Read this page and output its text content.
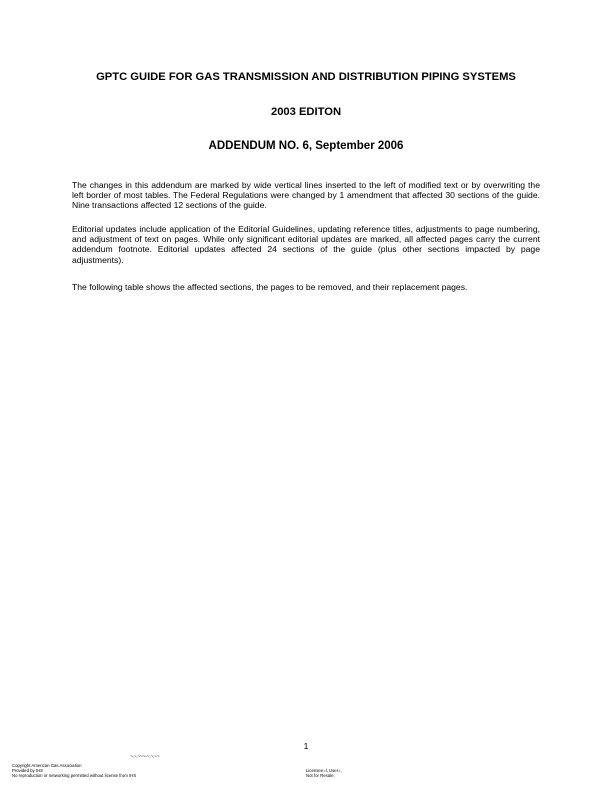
GPTC GUIDE FOR GAS TRANSMISSION AND DISTRIBUTION PIPING SYSTEMS
2003 EDITON
ADDENDUM NO. 6, September 2006

The changes in this addendum are marked by wide vertical lines inserted to the left of modified text or by overwriting the left border of most tables. The Federal Regulations were changed by 1 amendment that affected 30 sections of the guide. Nine transactions affected 12 sections of the guide.

Editorial updates include application of the Editorial Guidelines, updating reference titles, adjustments to page numbering, and adjustment of text on pages. While only significant editorial updates are marked, all affected pages carry the current addendum footnote. Editorial updates affected 24 sections of the guide (plus other sections impacted by page adjustments).

The following table shows the affected sections, the pages to be removed, and their replacement pages.

1
~.~.~~~-~.~.~~
Copyright American Gas Association
Provided by IHS
No reproduction or networking permitted without license from IHS
Licensee=l, User=,
Not for Resale,
